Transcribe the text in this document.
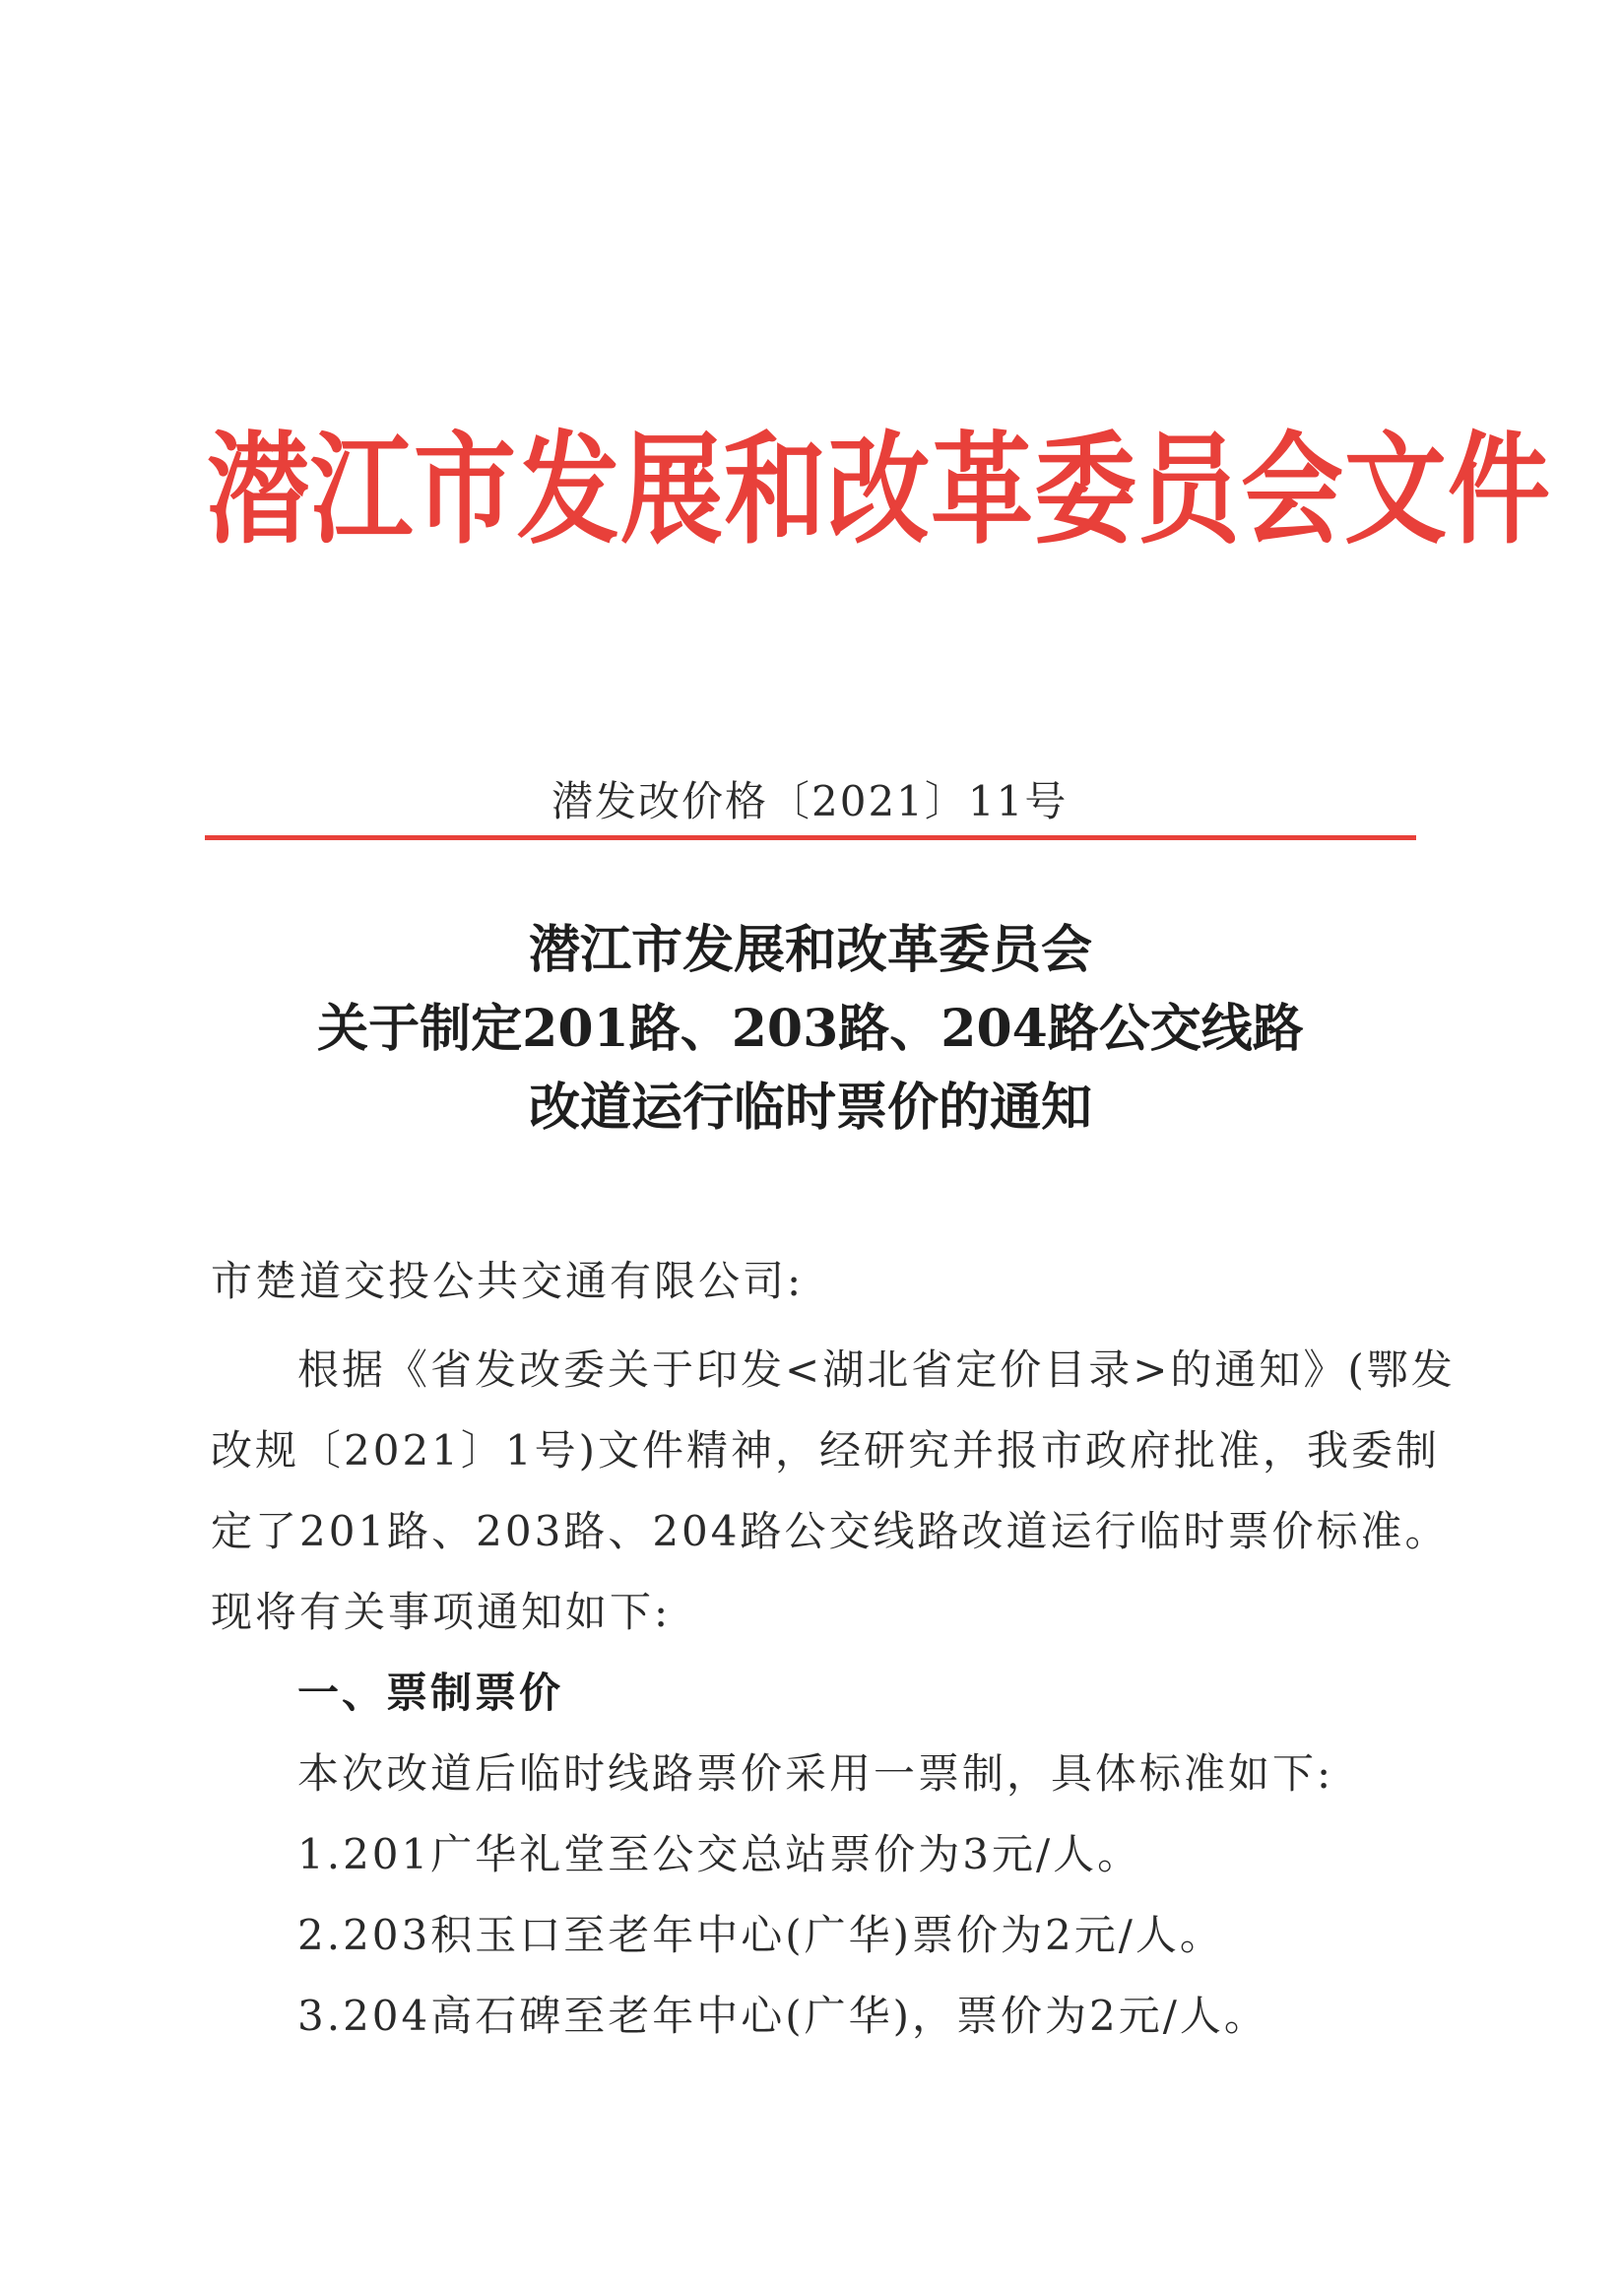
潜江市发展和改革委员会文件
潜发改价格〔2021〕11号
潜江市发展和改革委员会
关于制定201路、203路、204路公交线路
改道运行临时票价的通知
市楚道交投公共交通有限公司:
根据《省发改委关于印发<湖北省定价目录>的通知》(鄂发
改规〔2021〕1号)文件精神，经研究并报市政府批准，我委制
定了201路、203路、204路公交线路改道运行临时票价标准。
现将有关事项通知如下:
一、票制票价
本次改道后临时线路票价采用一票制，具体标准如下:
1.201广华礼堂至公交总站票价为3元/人。
2.203积玉口至老年中心(广华)票价为2元/人。
3.204高石碑至老年中心(广华)，票价为2元/人。
